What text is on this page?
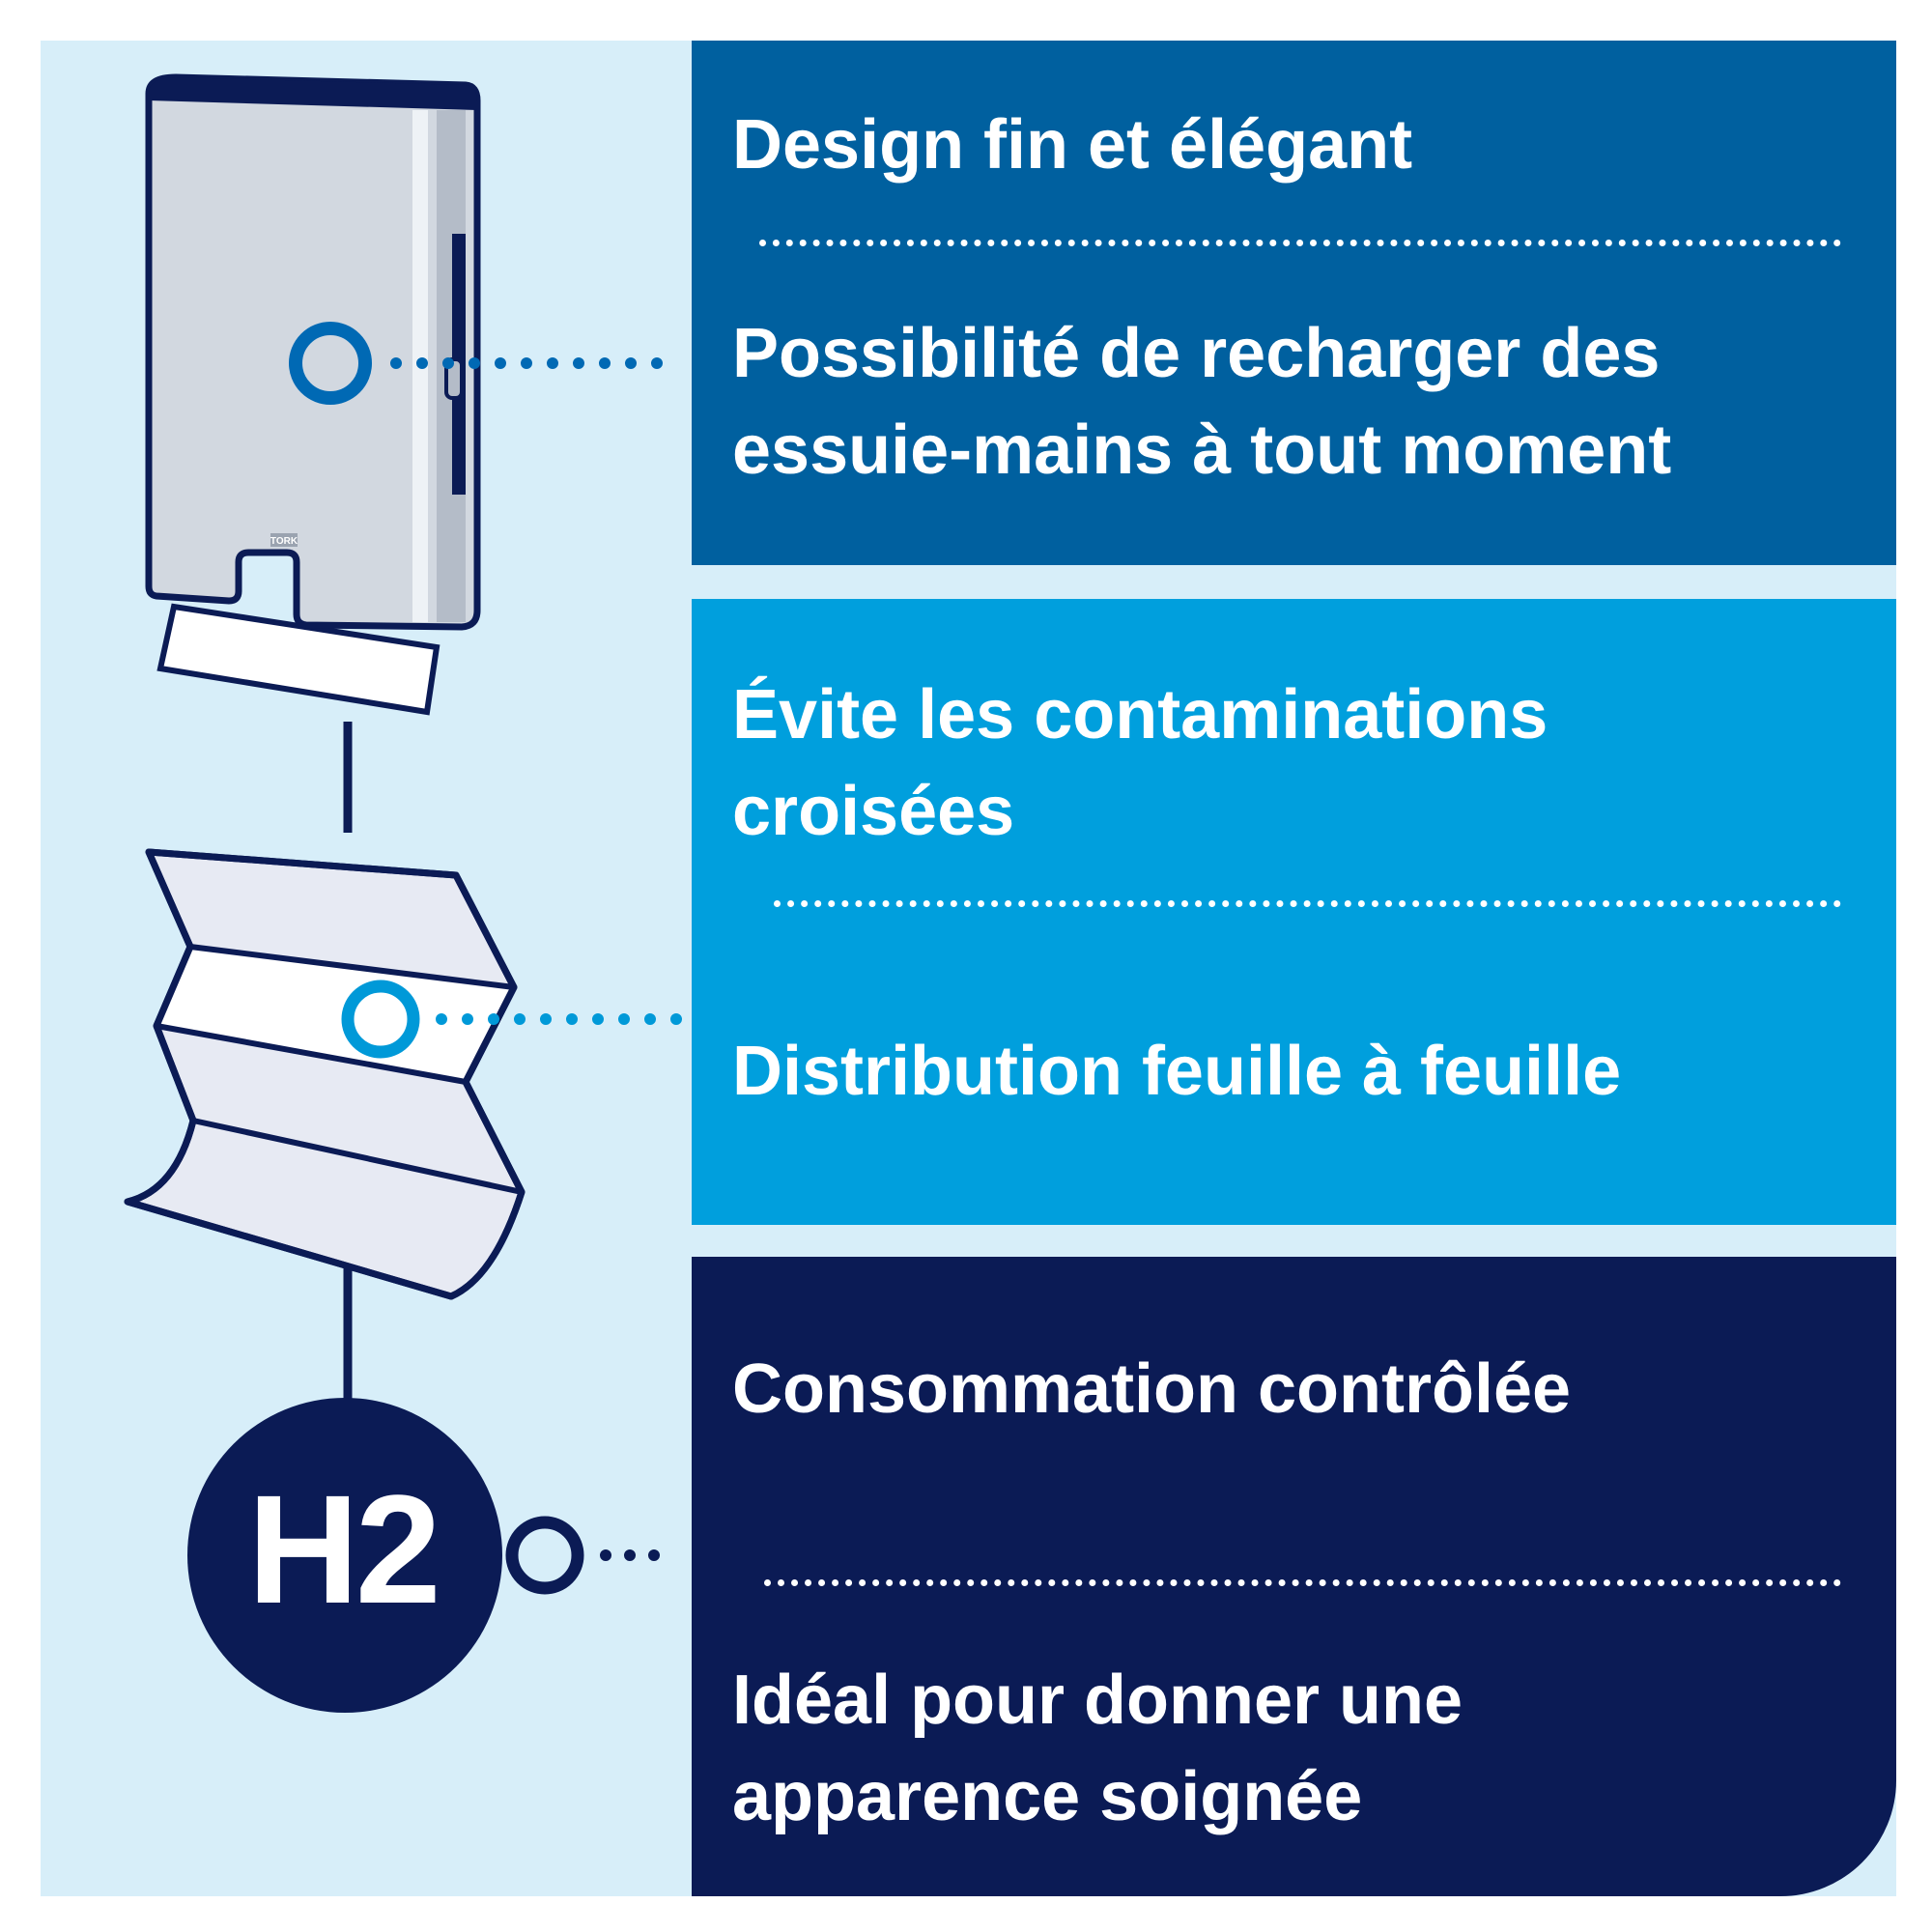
TORK
H2

Design fin et élégant

Possibilité de recharger des
essuie-mains à tout moment

Évite les contaminations
croisées

Distribution feuille à feuille

Consommation contrôlée

Idéal pour donner une
apparence soignée
